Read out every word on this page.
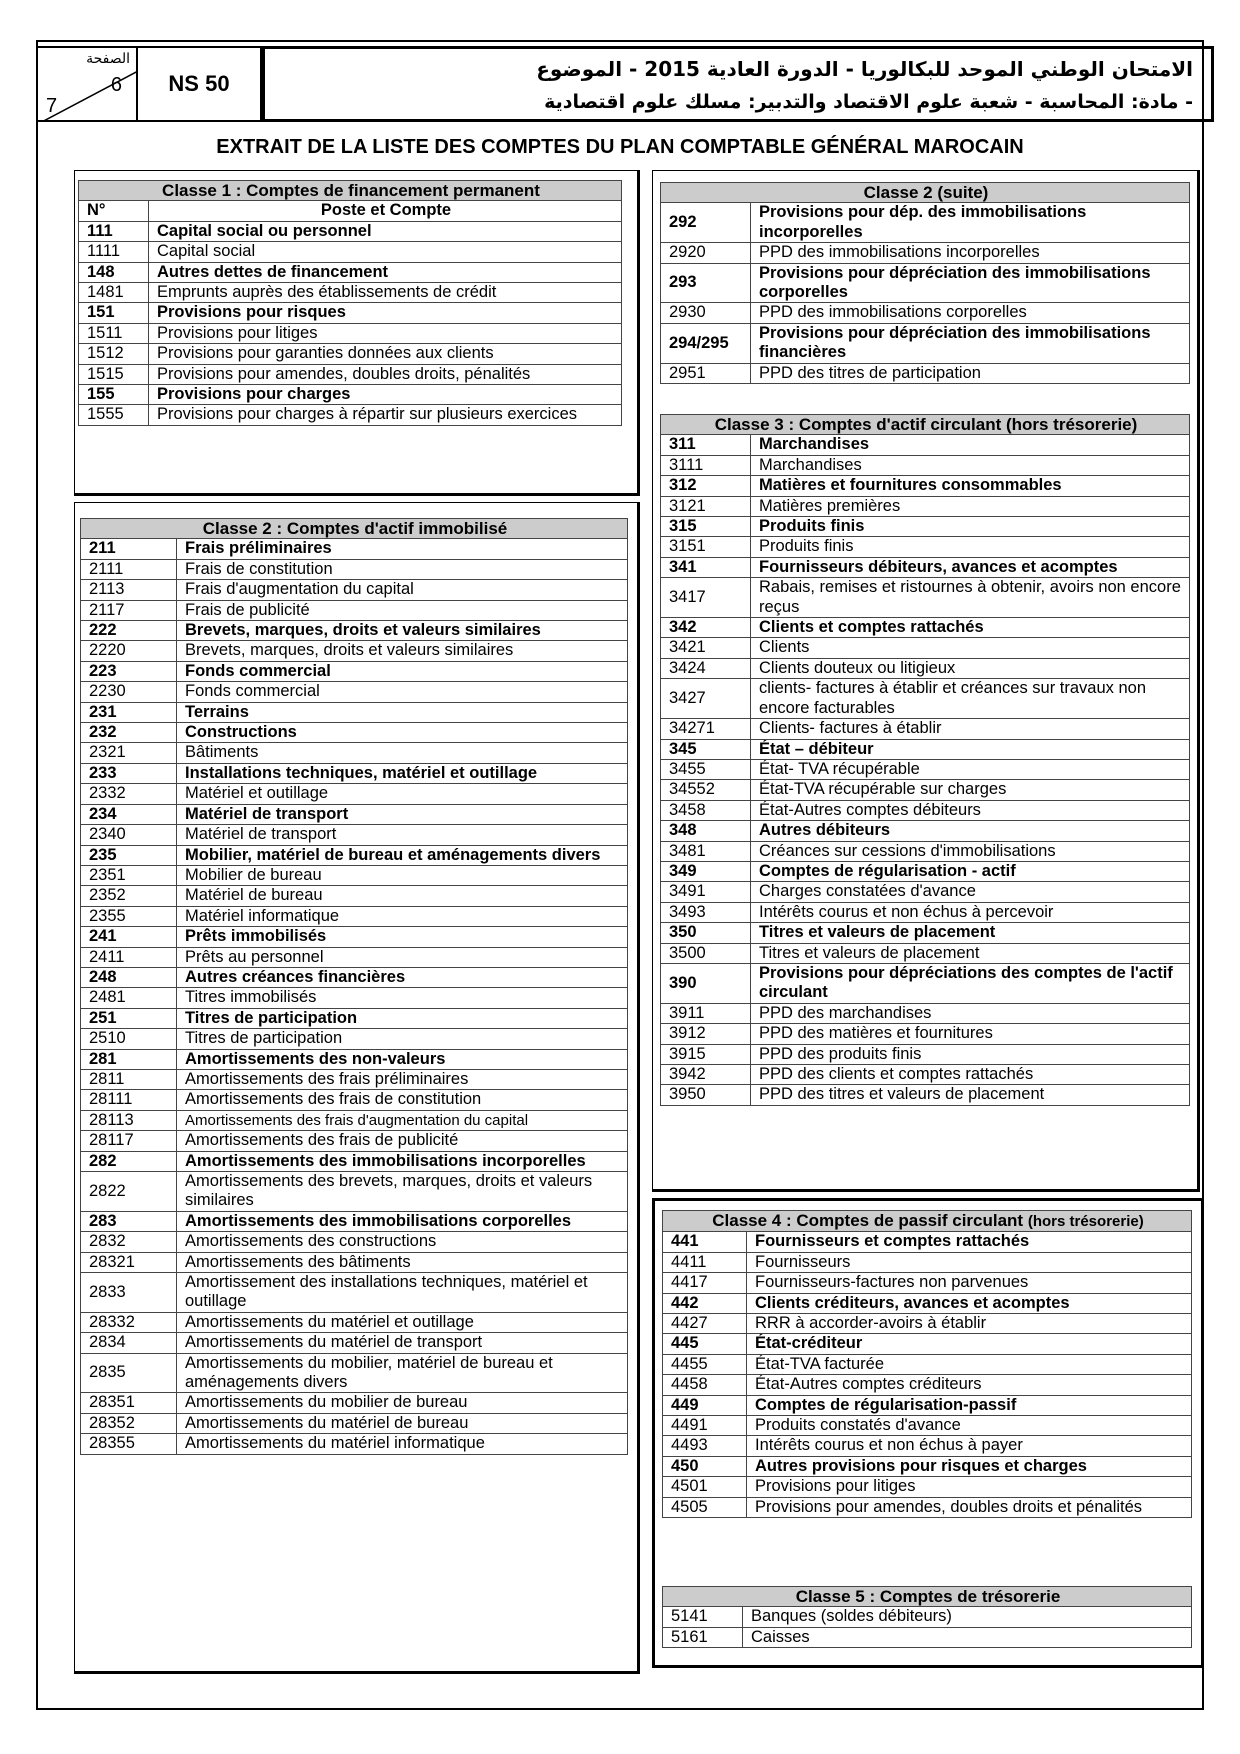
الصفحة
6
7
NS 50
الامتحان الوطني الموحد للبكالوريا - الدورة العادية 2015 - الموضوع
- مادة: المحاسبة - شعبة علوم الاقتصاد والتدبير: مسلك علوم اقتصادية
EXTRAIT DE LA LISTE DES COMPTES DU PLAN COMPTABLE GÉNÉRAL MAROCAIN
Classe 1 : Comptes de financement permanent	
N°	Poste et Compte
111	Capital social ou personnel
1111	Capital social
148	Autres dettes de financement
1481	Emprunts auprès des établissements de crédit
151	Provisions pour risques
1511	Provisions pour litiges
1512	Provisions pour garanties données aux clients
1515	Provisions pour amendes, doubles droits, pénalités
155	Provisions pour charges
1555	Provisions pour charges à répartir sur plusieurs exercices
Classe 2 : Comptes d'actif immobilisé	
211	Frais préliminaires
2111	Frais de constitution
2113	Frais d'augmentation du capital
2117	Frais de publicité
222	Brevets, marques, droits et valeurs similaires
2220	Brevets, marques, droits et valeurs similaires
223	Fonds commercial
2230	Fonds commercial
231	Terrains
232	Constructions
2321	Bâtiments
233	Installations techniques, matériel et outillage
2332	Matériel et outillage
234	Matériel de transport
2340	Matériel de transport
235	Mobilier, matériel de bureau et aménagements divers
2351	Mobilier de bureau
2352	Matériel de bureau
2355	Matériel informatique
241	Prêts immobilisés
2411	Prêts au personnel
248	Autres créances financières
2481	Titres immobilisés
251	Titres de participation
2510	Titres de participation
281	Amortissements des non-valeurs
2811	Amortissements des frais préliminaires
28111	Amortissements des frais de constitution
28113	Amortissements des frais d'augmentation du capital
28117	Amortissements des frais de publicité
282	Amortissements des immobilisations incorporelles
2822	Amortissements des brevets, marques, droits et valeurs similaires
283	Amortissements des immobilisations corporelles
2832	Amortissements des constructions
28321	Amortissements des bâtiments
2833	Amortissement des installations techniques, matériel et outillage
28332	Amortissements du matériel et outillage
2834	Amortissements du matériel de transport
2835	Amortissements du mobilier, matériel de bureau et aménagements divers
28351	Amortissements du mobilier de bureau
28352	Amortissements du matériel de bureau
28355	Amortissements du matériel informatique
Classe 2 (suite)	
292	Provisions pour dép. des immobilisations incorporelles
2920	PPD des immobilisations incorporelles
293	Provisions pour dépréciation des immobilisations corporelles
2930	PPD des immobilisations corporelles
294/295	Provisions pour dépréciation des immobilisations financières
2951	PPD des titres de participation
Classe 3 : Comptes d'actif circulant (hors trésorerie)	
311	Marchandises
3111	Marchandises
312	Matières et fournitures consommables
3121	Matières premières
315	Produits finis
3151	Produits finis
341	Fournisseurs débiteurs, avances et acomptes
3417	Rabais, remises et ristournes à obtenir, avoirs non encore reçus
342	Clients et comptes rattachés
3421	Clients
3424	Clients douteux ou litigieux
3427	clients- factures à établir et créances sur travaux non encore facturables
34271	Clients- factures à établir
345	État – débiteur
3455	État- TVA récupérable
34552	État-TVA récupérable sur charges
3458	État-Autres comptes débiteurs
348	Autres débiteurs
3481	Créances sur cessions d'immobilisations
349	Comptes de régularisation - actif
3491	Charges constatées d'avance
3493	Intérêts courus et non échus à percevoir
350	Titres et valeurs de placement
3500	Titres et valeurs de placement
390	Provisions pour dépréciations des comptes de l'actif circulant
3911	PPD des marchandises
3912	PPD des matières et fournitures
3915	PPD des produits finis
3942	PPD des clients et comptes rattachés
3950	PPD des titres et valeurs de placement
Classe 4 : Comptes de passif circulant (hors trésorerie)	
441	Fournisseurs et comptes rattachés
4411	Fournisseurs
4417	Fournisseurs-factures non parvenues
442	Clients créditeurs, avances et acomptes
4427	RRR à accorder-avoirs à établir
445	État-créditeur
4455	État-TVA facturée
4458	État-Autres comptes créditeurs
449	Comptes de régularisation-passif
4491	Produits constatés d'avance
4493	Intérêts courus et non échus à payer
450	Autres provisions pour risques et charges
4501	Provisions pour litiges
4505	Provisions pour amendes, doubles droits et pénalités
Classe 5 : Comptes de trésorerie	
5141	Banques (soldes débiteurs)
5161	Caisses
